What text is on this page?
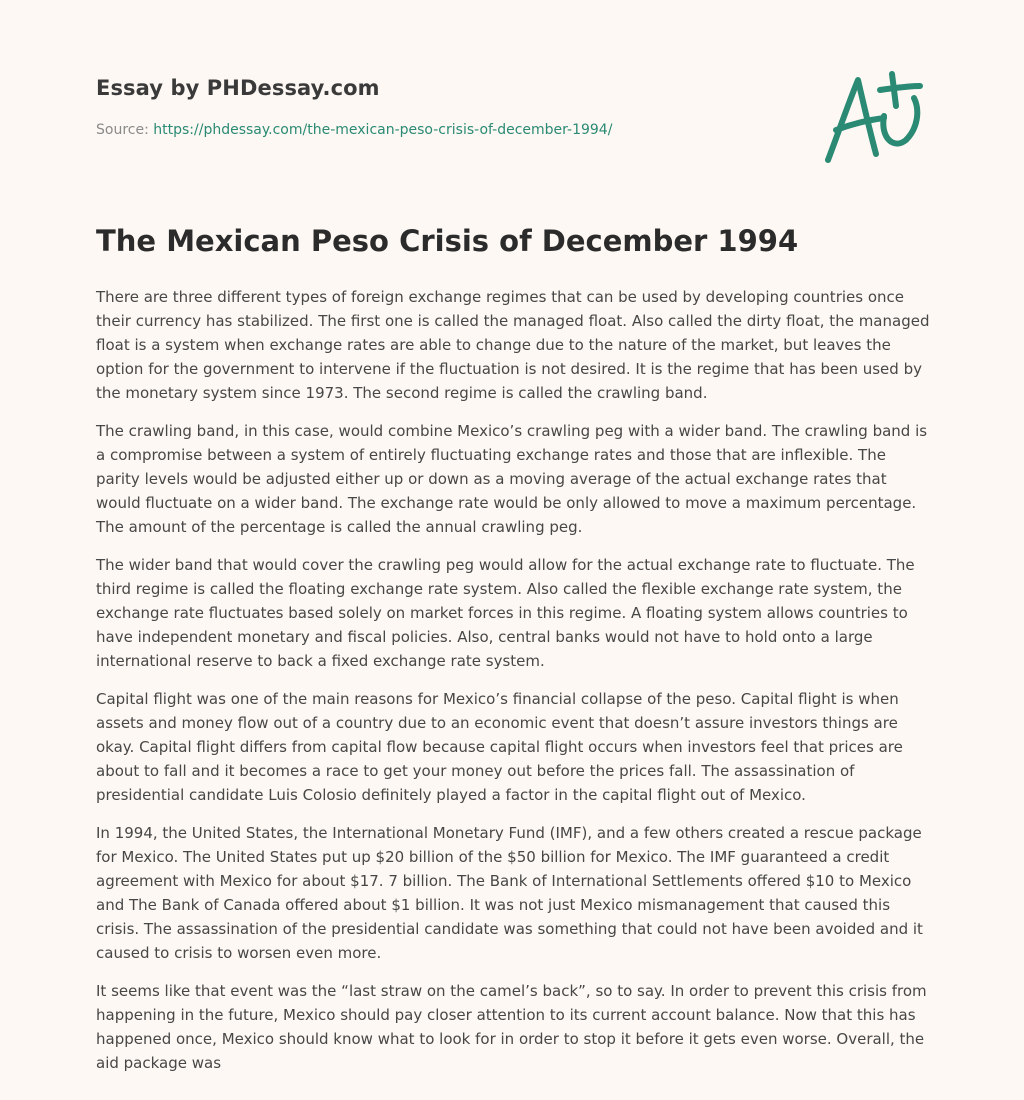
Essay by PHDessay.com
Source: https://phdessay.com/the-mexican-peso-crisis-of-december-1994/
The Mexican Peso Crisis of December 1994

There are three different types of foreign exchange regimes that can be used by developing countries once their currency has stabilized. The first one is called the managed float. Also called the dirty float, the managed float is a system when exchange rates are able to change due to the nature of the market, but leaves the option for the government to intervene if the fluctuation is not desired. It is the regime that has been used by the monetary system since 1973. The second regime is called the crawling band.

The crawling band, in this case, would combine Mexico’s crawling peg with a wider band. The crawling band is a compromise between a system of entirely fluctuating exchange rates and those that are inflexible. The parity levels would be adjusted either up or down as a moving average of the actual exchange rates that would fluctuate on a wider band. The exchange rate would be only allowed to move a maximum percentage. The amount of the percentage is called the annual crawling peg.

The wider band that would cover the crawling peg would allow for the actual exchange rate to fluctuate. The third regime is called the floating exchange rate system. Also called the flexible exchange rate system, the exchange rate fluctuates based solely on market forces in this regime. A floating system allows countries to have independent monetary and fiscal policies. Also, central banks would not have to hold onto a large international reserve to back a fixed exchange rate system.

Capital flight was one of the main reasons for Mexico’s financial collapse of the peso. Capital flight is when assets and money flow out of a country due to an economic event that doesn’t assure investors things are okay. Capital flight differs from capital flow because capital flight occurs when investors feel that prices are about to fall and it becomes a race to get your money out before the prices fall. The assassination of presidential candidate Luis Colosio definitely played a factor in the capital flight out of Mexico.

In 1994, the United States, the International Monetary Fund (IMF), and a few others created a rescue package for Mexico. The United States put up $20 billion of the $50 billion for Mexico. The IMF guaranteed a credit agreement with Mexico for about $17. 7 billion. The Bank of International Settlements offered $10 to Mexico and The Bank of Canada offered about $1 billion. It was not just Mexico mismanagement that caused this crisis. The assassination of the presidential candidate was something that could not have been avoided and it caused to crisis to worsen even more.

It seems like that event was the “last straw on the camel’s back”, so to say. In order to prevent this crisis from happening in the future, Mexico should pay closer attention to its current account balance. Now that this has happened once, Mexico should know what to look for in order to stop it before it gets even worse. Overall, the aid package was
